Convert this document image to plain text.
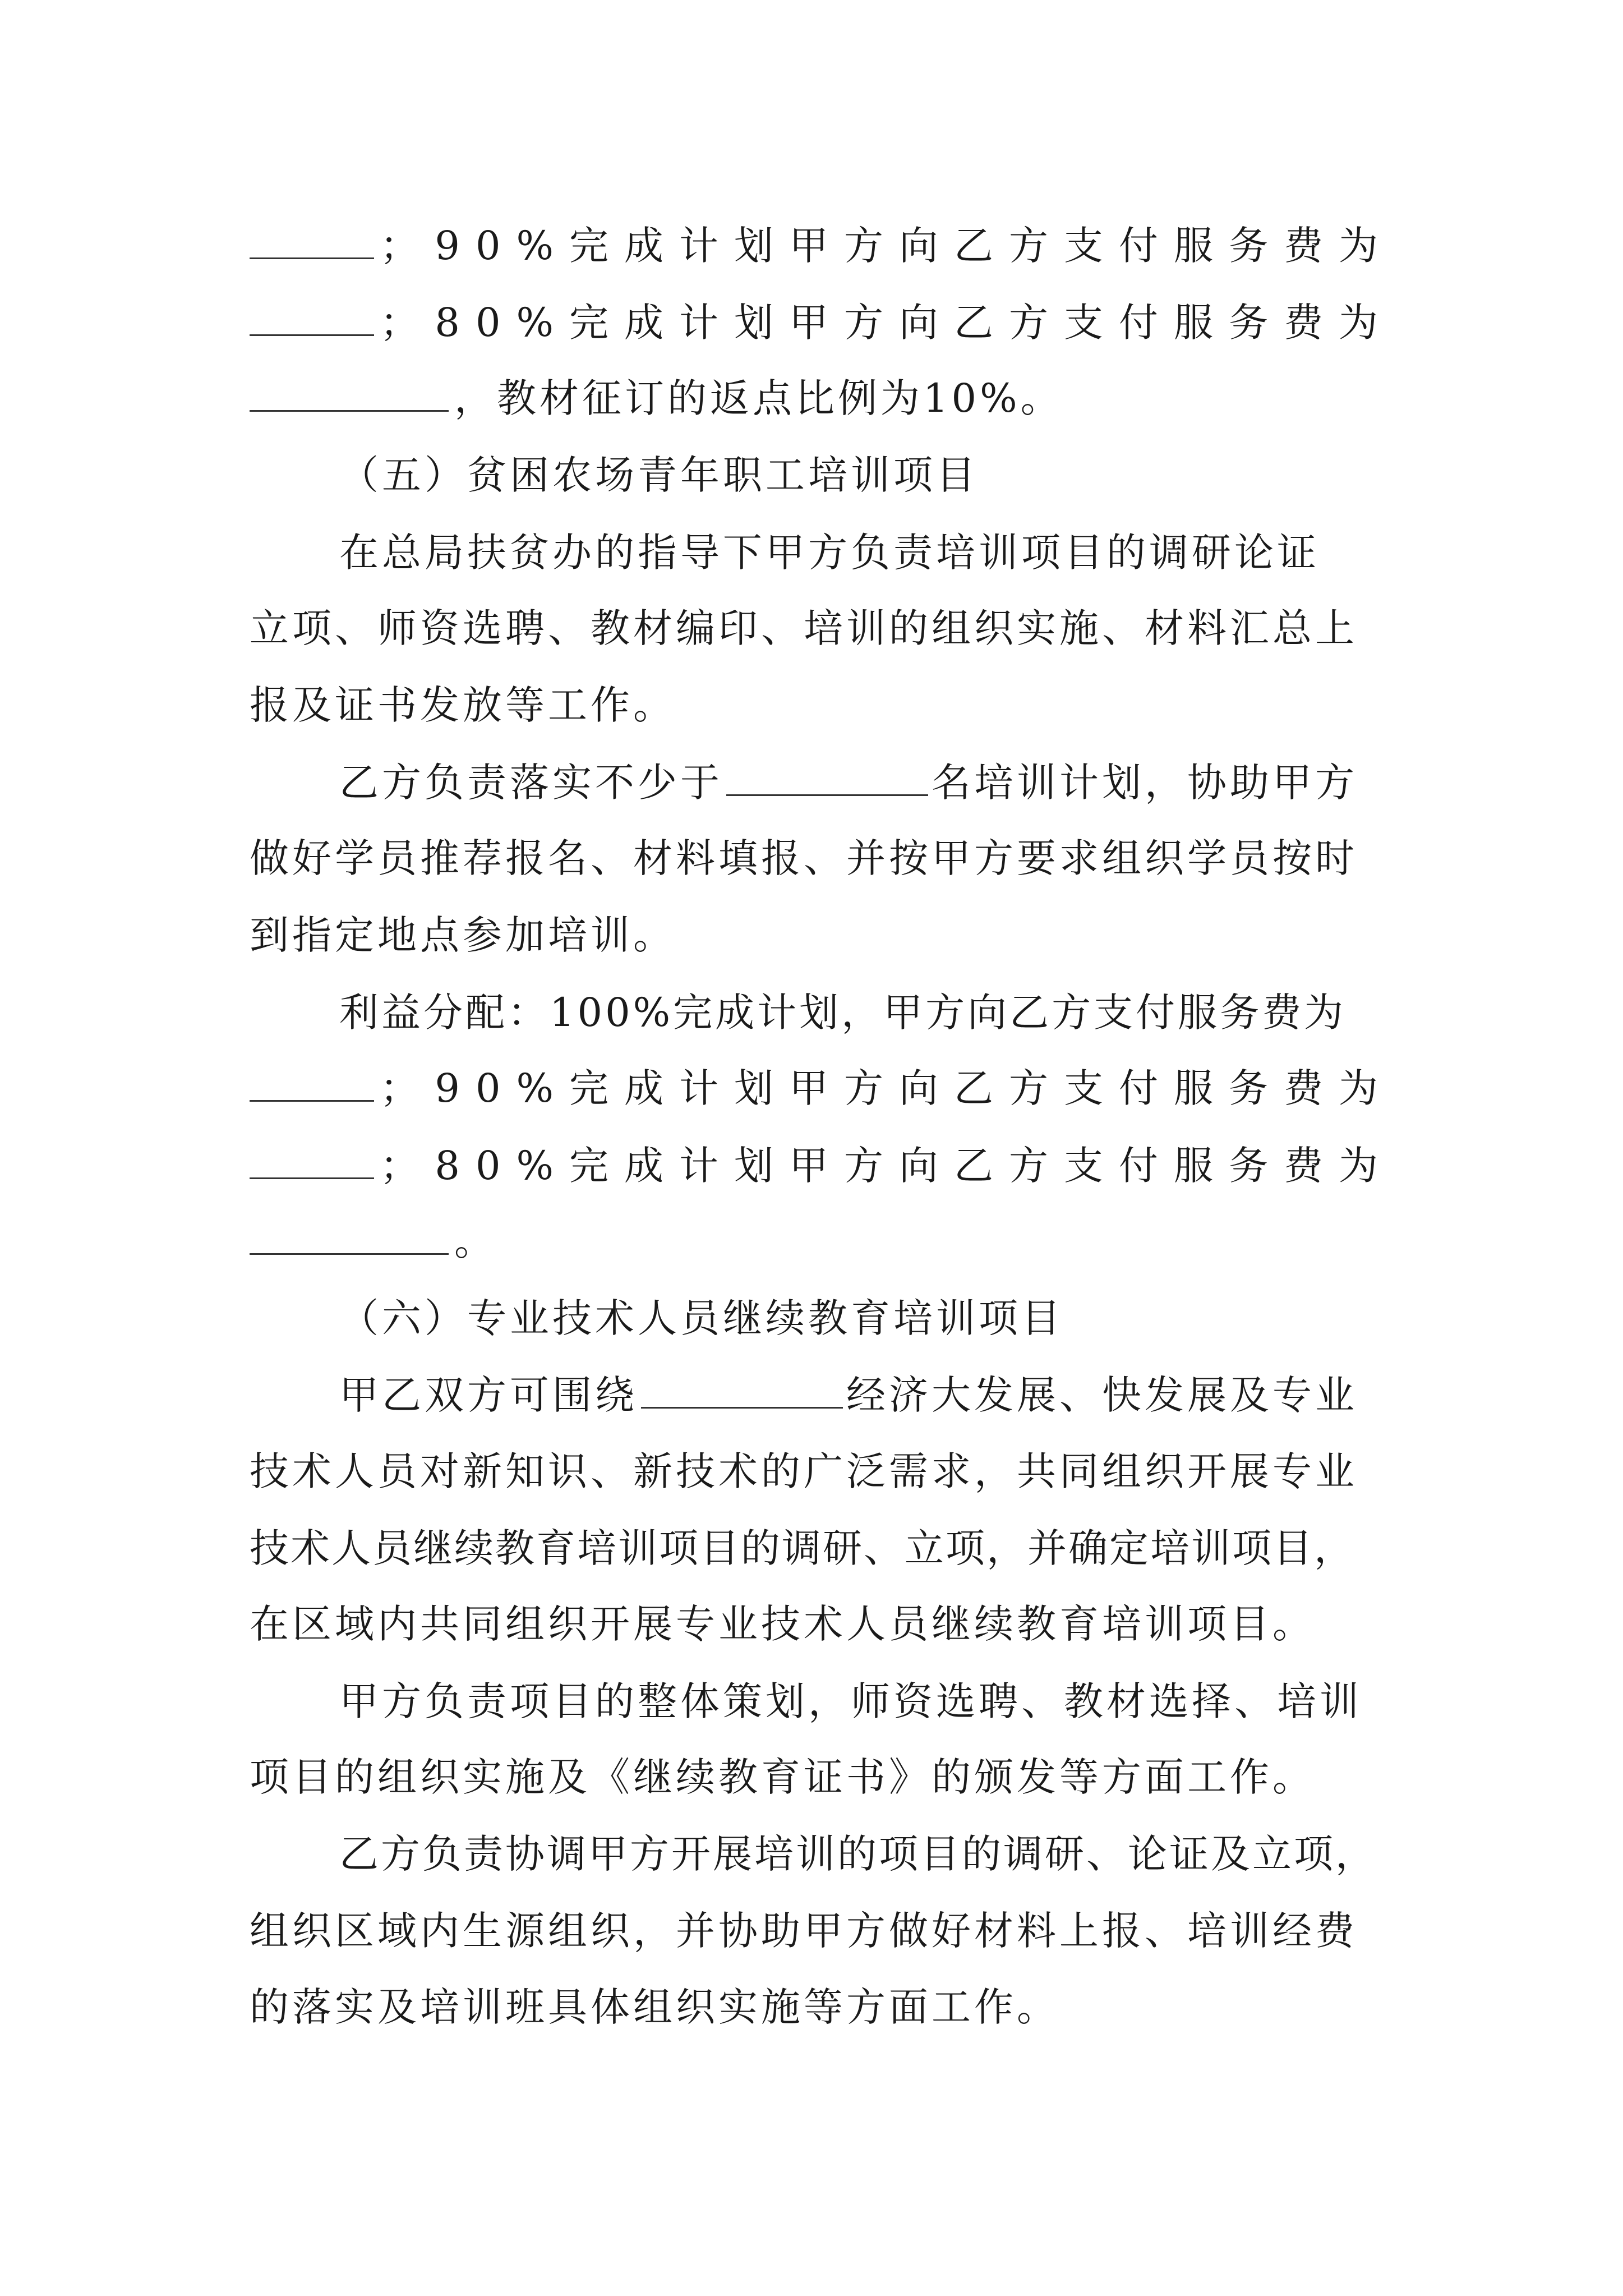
；90%完成计划甲方向乙方支付服务费为
；80%完成计划甲方向乙方支付服务费为
，教材征订的返点比例为10%。
（五）贫困农场青年职工培训项目
在总局扶贫办的指导下甲方负责培训项目的调研论证
立项、师资选聘、教材编印、培训的组织实施、材料汇总上
报及证书发放等工作。
乙方负责落实不少于	名培训计划，协助甲方
做好学员推荐报名、材料填报、并按甲方要求组织学员按时
到指定地点参加培训。
利益分配：100%完成计划，甲方向乙方支付服务费为
；90%完成计划甲方向乙方支付服务费为
；80%完成计划甲方向乙方支付服务费为
。
（六）专业技术人员继续教育培训项目
甲乙双方可围绕	经济大发展、快发展及专业
技术人员对新知识、新技术的广泛需求，共同组织开展专业
技术人员继续教育培训项目的调研、立项，并确定培训项目，
在区域内共同组织开展专业技术人员继续教育培训项目。
甲方负责项目的整体策划，师资选聘、教材选择、培训
项目的组织实施及《继续教育证书》的颁发等方面工作。
乙方负责协调甲方开展培训的项目的调研、论证及立项，
组织区域内生源组织，并协助甲方做好材料上报、培训经费
的落实及培训班具体组织实施等方面工作。
